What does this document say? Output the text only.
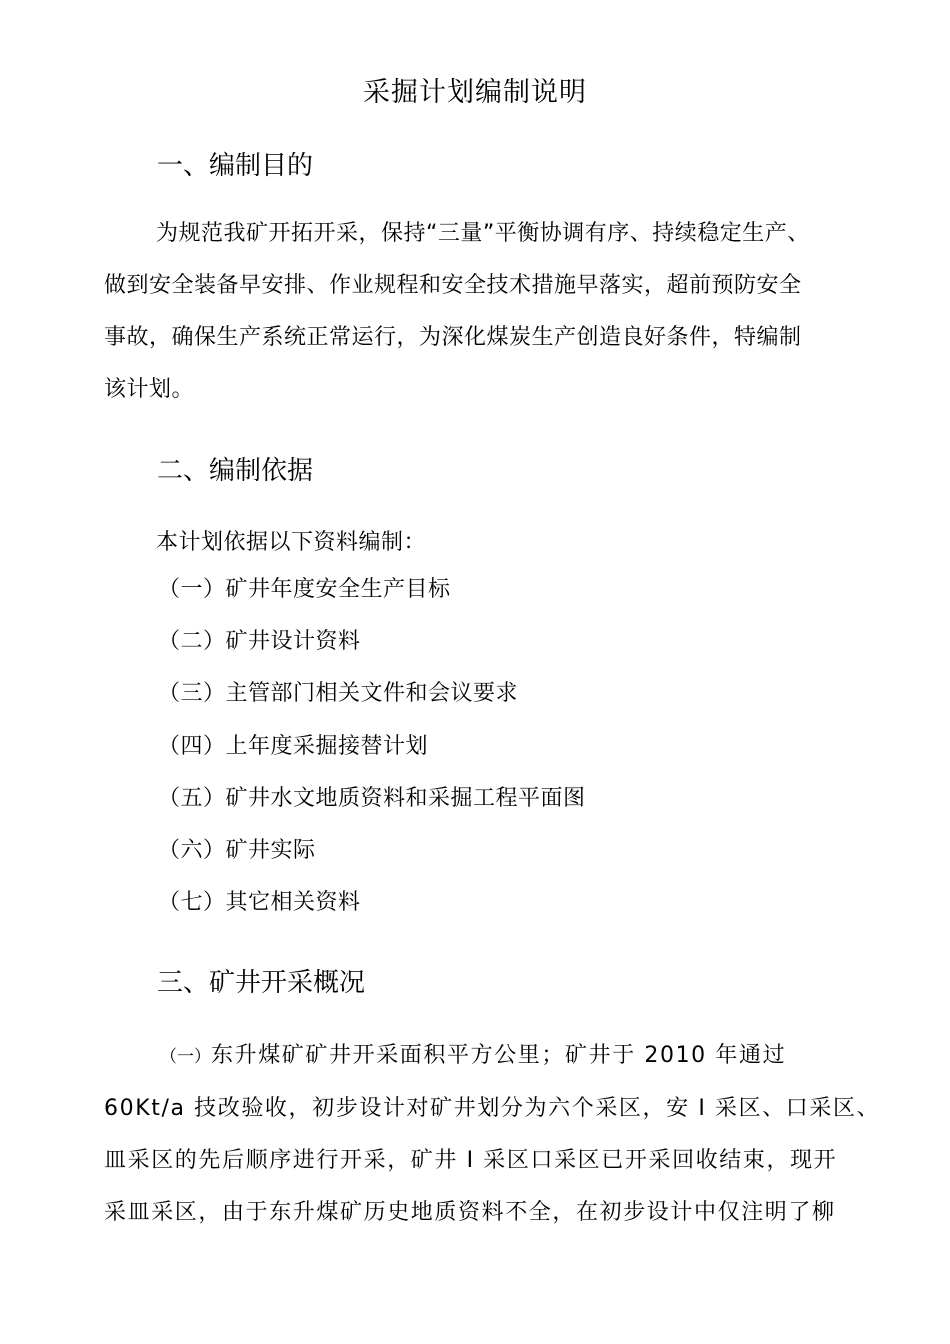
采掘计划编制说明
一、编制目的
为规范我矿开拓开采，保持“三量”平衡协调有序、持续稳定生产、
做到安全装备早安排、作业规程和安全技术措施早落实，超前预防安全
事故，确保生产系统正常运行，为深化煤炭生产创造良好条件，特编制
该计划。
二、编制依据
本计划依据以下资料编制：
（一）矿井年度安全生产目标
（二）矿井设计资料
（三）主管部门相关文件和会议要求
（四）上年度采掘接替计划
（五）矿井水文地质资料和采掘工程平面图
（六）矿井实际
（七）其它相关资料
三、矿井开采概况
（一）东升煤矿矿井开采面积平方公里；矿井于 2010 年通过
60Kt/a 技改验收，初步设计对矿井划分为六个采区，安 I 采区、口采区、
皿采区的先后顺序进行开采，矿井 I 采区口采区已开采回收结束，现开
采皿采区，由于东升煤矿历史地质资料不全，在初步设计中仅注明了柳
